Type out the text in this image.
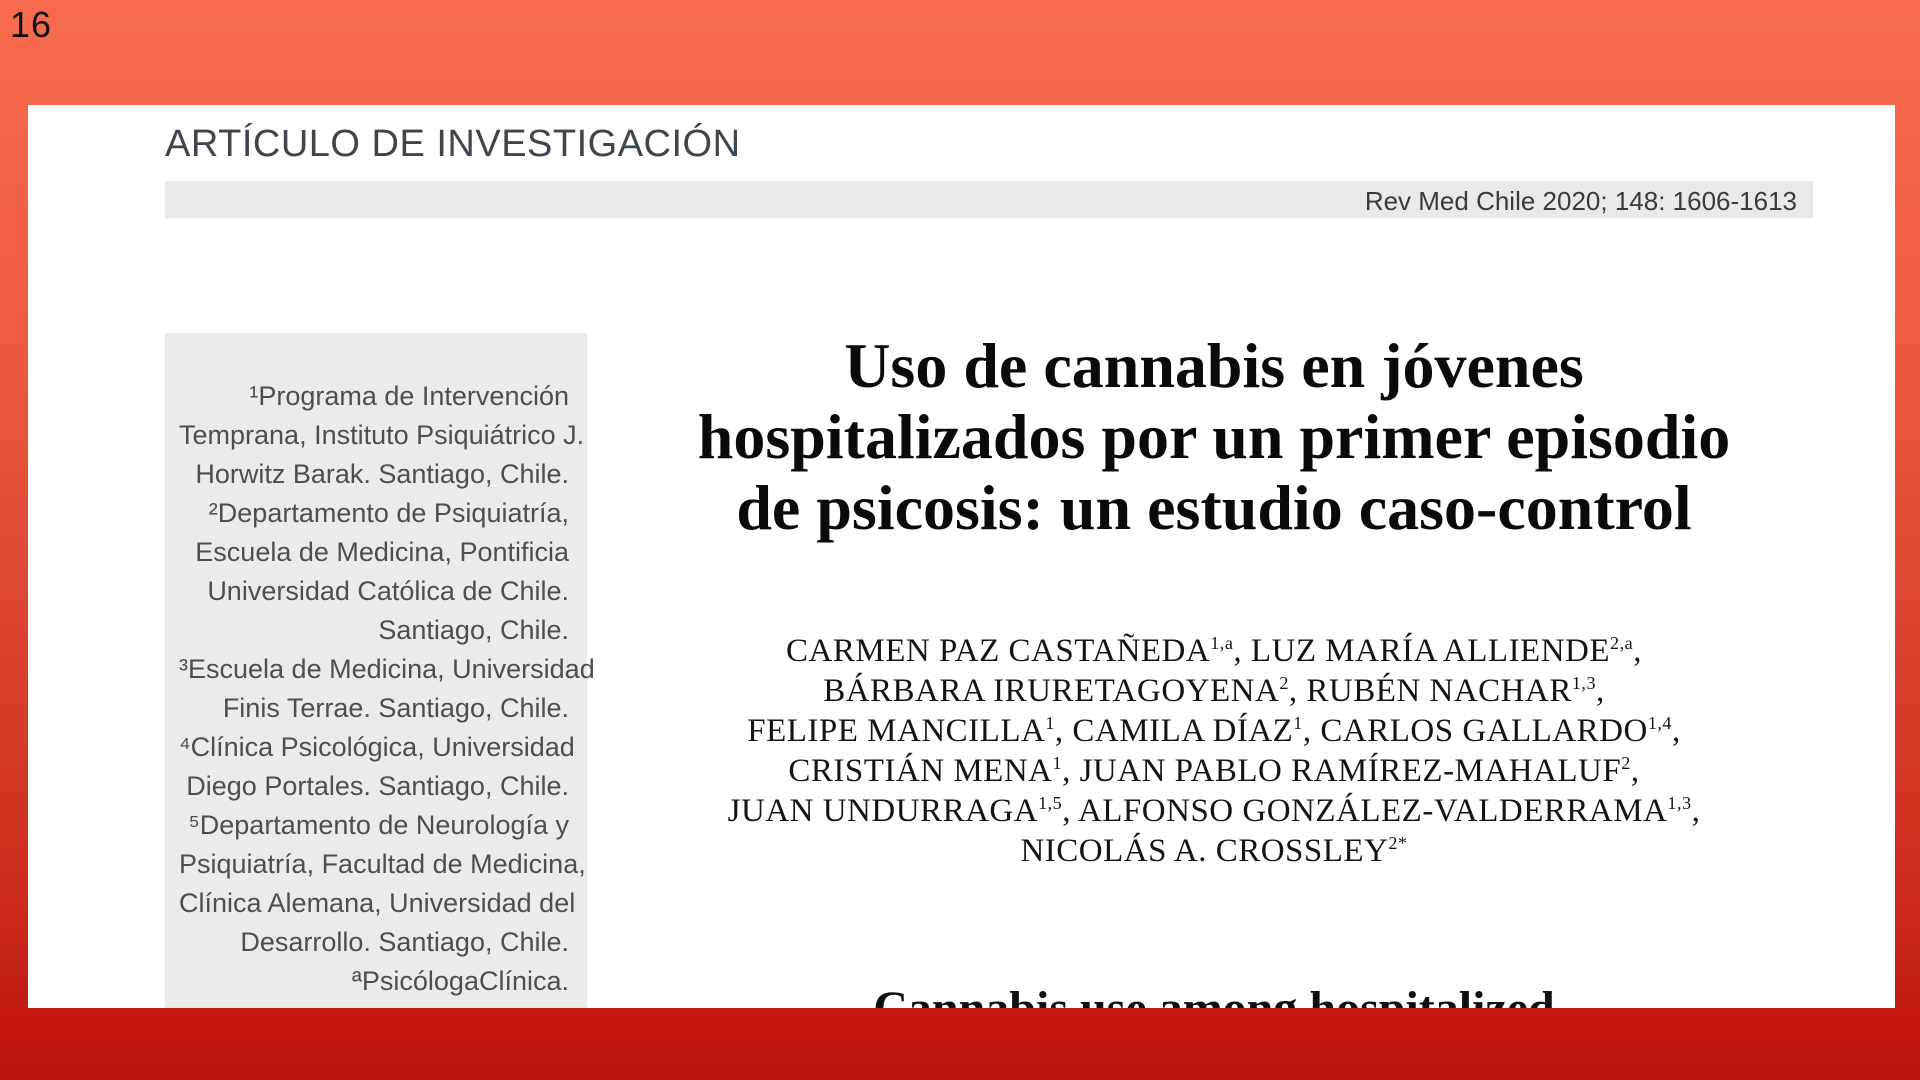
16
ARTÍCULO DE INVESTIGACIÓN
Rev Med Chile 2020; 148: 1606-1613
¹Programa de Intervención
Temprana, Instituto Psiquiátrico J.
Horwitz Barak. Santiago, Chile.
²Departamento de Psiquiatría,
Escuela de Medicina, Pontificia
Universidad Católica de Chile.
Santiago, Chile.
³Escuela de Medicina, Universidad
Finis Terrae. Santiago, Chile.
⁴Clínica Psicológica, Universidad
Diego Portales. Santiago, Chile.
⁵Departamento de Neurología y
Psiquiatría, Facultad de Medicina,
Clínica Alemana, Universidad del
Desarrollo. Santiago, Chile.
ªPsicólogaClínica.
Uso de cannabis en jóvenes
hospitalizados por un primer episodio
de psicosis: un estudio caso-control
CARMEN PAZ CASTAÑEDA$^{1,a}$, LUZ MARÍA ALLIENDE$^{2,a}$,
BÁRBARA IRURETAGOYENA$^2$, RUBÉN NACHAR$^{1,3}$,
FELIPE MANCILLA$^1$, CAMILA DÍAZ$^1$, CARLOS GALLARDO$^{1,4}$,
CRISTIÁN MENA$^1$, JUAN PABLO RAMÍREZ-MAHALUF$^2$,
JUAN UNDURRAGA$^{1,5}$, ALFONSO GONZÁLEZ-VALDERRAMA$^{1,3}$,
NICOLÁS A. $CROSSLEY^{2*}$
